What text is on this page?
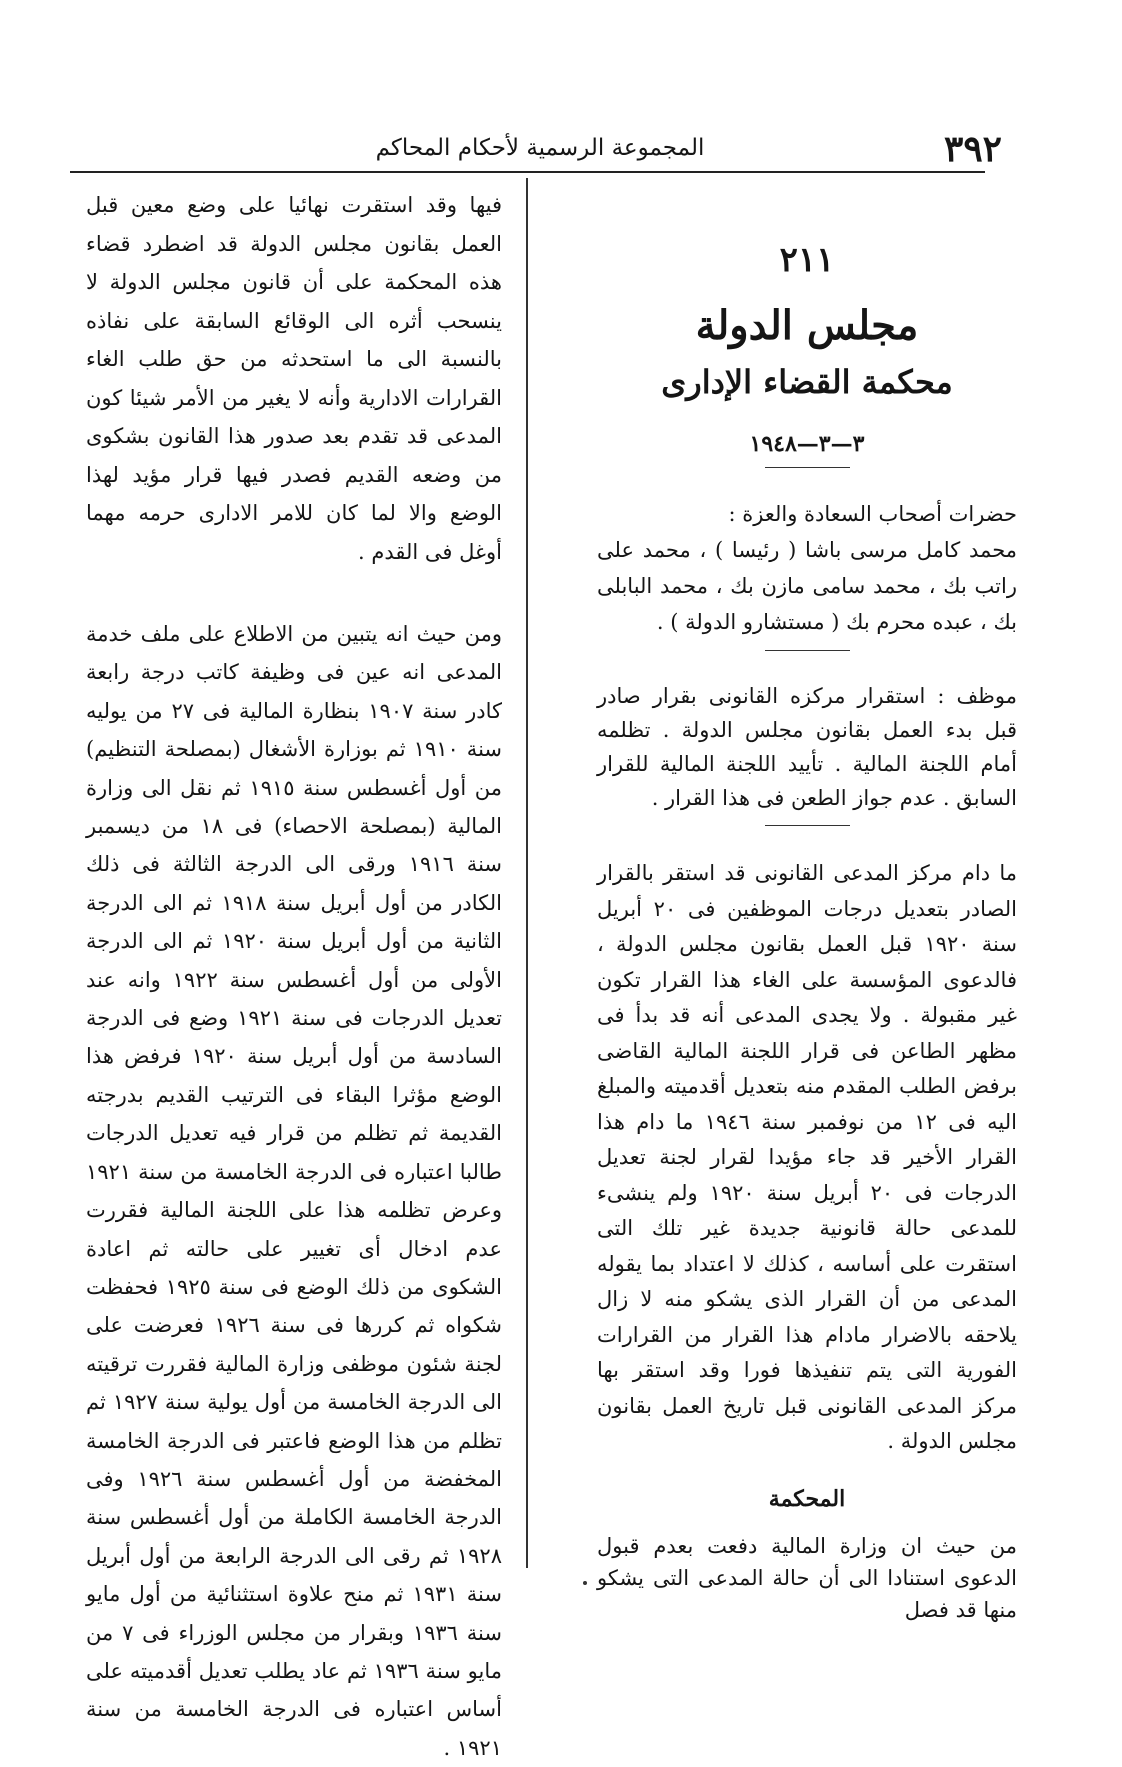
٣٩٢
المجموعة الرسمية لأحكام المحاكم
٢١١
مجلس الدولة
محكمة القضاء الإدارى
٣—٣—١٩٤٨

حضرات أصحاب السعادة والعزة :

محمد كامل مرسى باشا ( رئيسا ) ، محمد على راتب بك ، محمد سامى مازن بك ، محمد البابلى بك ، عبده محرم بك ( مستشارو الدولة ) .

موظف : استقرار مركزه القانونى بقرار صادر قبل بدء العمل بقانون مجلس الدولة . تظلمه أمام اللجنة المالية . تأييد اللجنة المالية للقرار السابق . عدم جواز الطعن فى هذا القرار .

ما دام مركز المدعى القانونى قد استقر بالقرار الصادر بتعديل درجات الموظفين فى ٢٠ أبريل سنة ١٩٢٠ قبل العمل بقانون مجلس الدولة ، فالدعوى المؤسسة على الغاء هذا القرار تكون غير مقبولة . ولا يجدى المدعى أنه قد بدأ فى مظهر الطاعن فى قرار اللجنة المالية القاضى برفض الطلب المقدم منه بتعديل أقدميته والمبلغ اليه فى ١٢ من نوفمبر سنة ١٩٤٦ ما دام هذا القرار الأخير قد جاء مؤيدا لقرار لجنة تعديل الدرجات فى ٢٠ أبريل سنة ١٩٢٠ ولم ينشىء للمدعى حالة قانونية جديدة غير تلك التى استقرت على أساسه ، كذلك لا اعتداد بما يقوله المدعى من أن القرار الذى يشكو منه لا زال يلاحقه بالاضرار مادام هذا القرار من القرارات الفورية التى يتم تنفيذها فورا وقد استقر بها مركز المدعى القانونى قبل تاريخ العمل بقانون مجلس الدولة .

المحكمة

من حيث ان وزارة المالية دفعت بعدم قبول الدعوى استنادا الى أن حالة المدعى التى يشكو منها قد فصل

فيها وقد استقرت نهائيا على وضع معين قبل العمل بقانون مجلس الدولة قد اضطرد قضاء هذه المحكمة على أن قانون مجلس الدولة لا ينسحب أثره الى الوقائع السابقة على نفاذه بالنسبة الى ما استحدثه من حق طلب الغاء القرارات الادارية وأنه لا يغير من الأمر شيئا كون المدعى قد تقدم بعد صدور هذا القانون بشكوى من وضعه القديم فصدر فيها قرار مؤيد لهذا الوضع والا لما كان للامر الادارى حرمه مهما أوغل فى القدم .

ومن حيث انه يتبين من الاطلاع على ملف خدمة المدعى انه عين فى وظيفة كاتب درجة رابعة كادر سنة ١٩٠٧ بنظارة المالية فى ٢٧ من يوليه سنة ١٩١٠ ثم بوزارة الأشغال (بمصلحة التنظيم) من أول أغسطس سنة ١٩١٥ ثم نقل الى وزارة المالية (بمصلحة الاحصاء) فى ١٨ من ديسمبر سنة ١٩١٦ ورقى الى الدرجة الثالثة فى ذلك الكادر من أول أبريل سنة ١٩١٨ ثم الى الدرجة الثانية من أول أبريل سنة ١٩٢٠ ثم الى الدرجة الأولى من أول أغسطس سنة ١٩٢٢ وانه عند تعديل الدرجات فى سنة ١٩٢١ وضع فى الدرجة السادسة من أول أبريل سنة ١٩٢٠ فرفض هذا الوضع مؤثرا البقاء فى الترتيب القديم بدرجته القديمة ثم تظلم من قرار فيه تعديل الدرجات طالبا اعتباره فى الدرجة الخامسة من سنة ١٩٢١ وعرض تظلمه هذا على اللجنة المالية فقررت عدم ادخال أى تغيير على حالته ثم اعادة الشكوى من ذلك الوضع فى سنة ١٩٢٥ فحفظت شكواه ثم كررها فى سنة ١٩٢٦ فعرضت على لجنة شئون موظفى وزارة المالية فقررت ترقيته الى الدرجة الخامسة من أول يولية سنة ١٩٢٧ ثم تظلم من هذا الوضع فاعتبر فى الدرجة الخامسة المخفضة من أول أغسطس سنة ١٩٢٦ وفى الدرجة الخامسة الكاملة من أول أغسطس سنة ١٩٢٨ ثم رقى الى الدرجة الرابعة من أول أبريل سنة ١٩٣١ ثم منح علاوة استثنائية من أول مايو سنة ١٩٣٦ وبقرار من مجلس الوزراء فى ٧ من مايو سنة ١٩٣٦ ثم عاد يطلب تعديل أقدميته على أساس اعتباره فى الدرجة الخامسة من سنة ١٩٢١ .
